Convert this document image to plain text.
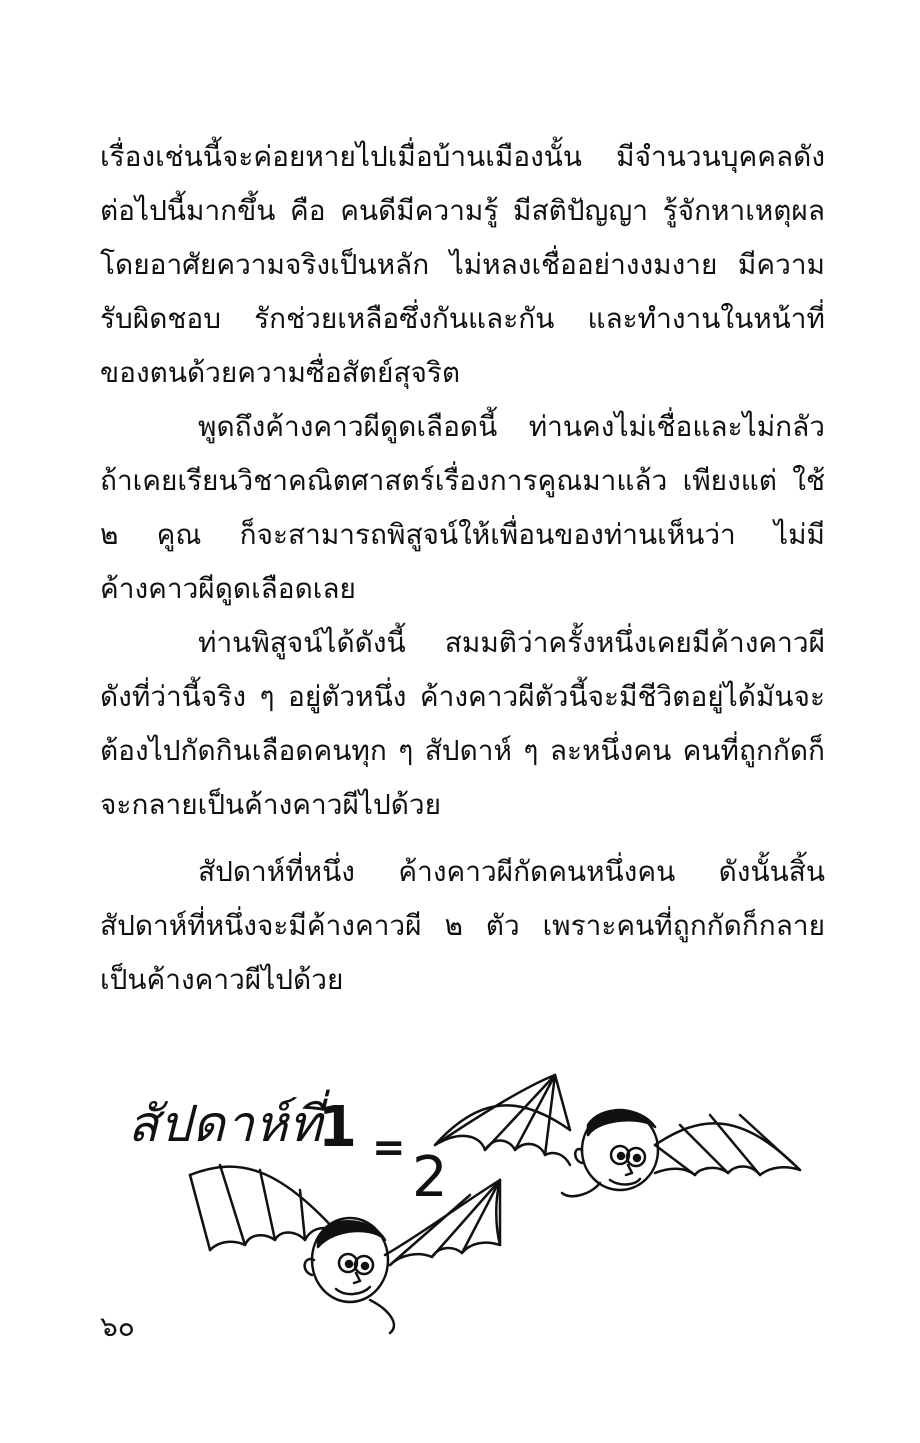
เรื่องเช่นนี้จะค่อยหายไปเมื่อบ้านเมืองนั้น มีจำนวนบุคคลดังต่อไปนี้มากขึ้น คือ คนดีมีความรู้ มีสติปัญญา รู้จักหาเหตุผลโดยอาศัยความจริงเป็นหลัก ไม่หลงเชื่ออย่างงมงาย มีความรับผิดชอบ รักช่วยเหลือซึ่งกันและกัน และทำงานในหน้าที่ของตนด้วยความซื่อสัตย์สุจริต

พูดถึงค้างคาวผีดูดเลือดนี้ ท่านคงไม่เชื่อและไม่กลัว ถ้าเคยเรียนวิชาคณิตศาสตร์เรื่องการคูณมาแล้ว เพียงแต่ ใช้ ๒ คูณ ก็จะสามารถพิสูจน์ให้เพื่อนของท่านเห็นว่า ไม่มีค้างคาวผีดูดเลือดเลย

ท่านพิสูจน์ได้ดังนี้ สมมติว่าครั้งหนึ่งเคยมีค้างคาวผีดังที่ว่านี้จริง ๆ อยู่ตัวหนึ่ง ค้างคาวผีตัวนี้จะมีชีวิตอยู่ได้มันจะต้องไปกัดกินเลือดคนทุก ๆ สัปดาห์ ๆ ละหนึ่งคน คนที่ถูกกัดก็จะกลายเป็นค้างคาวผีไปด้วย

สัปดาห์ที่หนึ่ง ค้างคาวผีกัดคนหนึ่งคน ดังนั้นสิ้นสัปดาห์ที่หนึ่งจะมีค้างคาวผี ๒ ตัว เพราะคนที่ถูกกัดก็กลายเป็นค้างคาวผีไปด้วย

สัปดาห์ที่
1 = 2
๖๐
